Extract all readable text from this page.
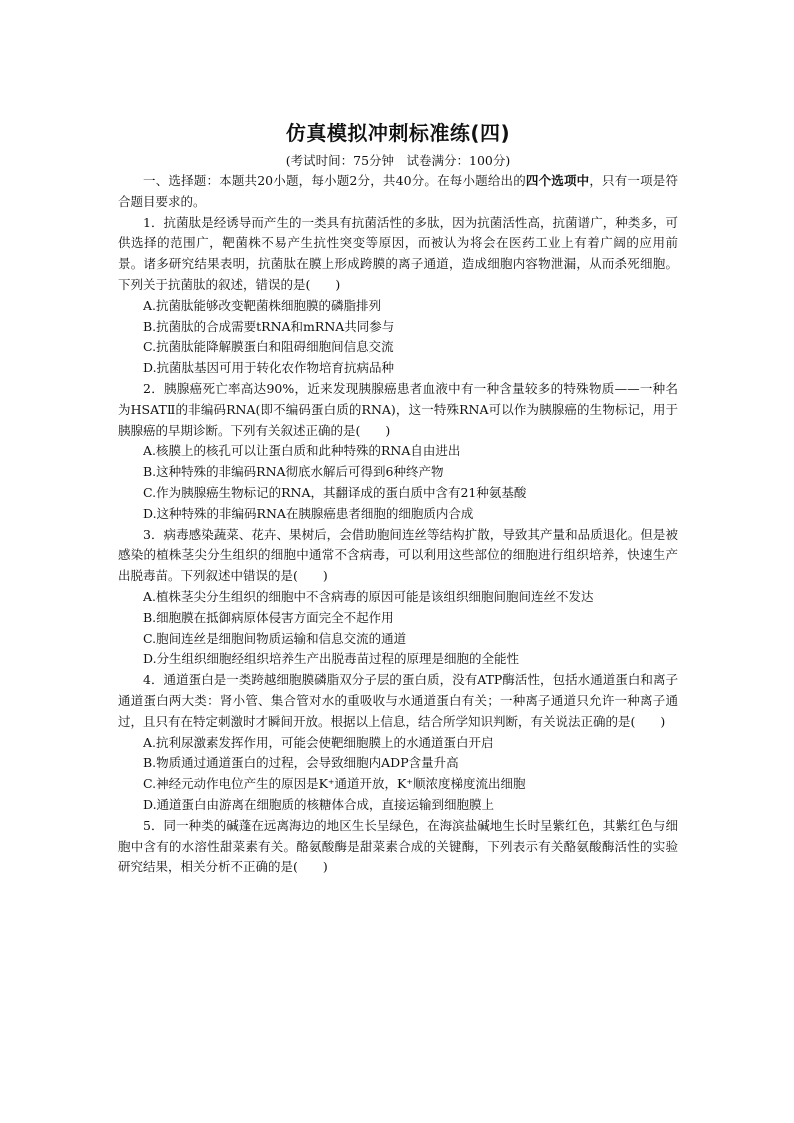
仿真模拟冲刺标准练(四)

(考试时间：75分钟　试卷满分：100分)

一、选择题：本题共20小题，每小题2分，共40分。在每小题给出的四个选项中，只有一项是符合题目要求的。

1．抗菌肽是经诱导而产生的一类具有抗菌活性的多肽，因为抗菌活性高，抗菌谱广，种类多，可供选择的范围广，靶菌株不易产生抗性突变等原因，而被认为将会在医药工业上有着广阔的应用前景。诸多研究结果表明，抗菌肽在膜上形成跨膜的离子通道，造成细胞内容物泄漏，从而杀死细胞。下列关于抗菌肽的叙述，错误的是(　　)

A.抗菌肽能够改变靶菌株细胞膜的磷脂排列

B.抗菌肽的合成需要tRNA和mRNA共同参与

C.抗菌肽能降解膜蛋白和阻碍细胞间信息交流

D.抗菌肽基因可用于转化农作物培育抗病品种

2．胰腺癌死亡率高达90%，近来发现胰腺癌患者血液中有一种含量较多的特殊物质——一种名为HSATⅡ的非编码RNA(即不编码蛋白质的RNA)，这一特殊RNA可以作为胰腺癌的生物标记，用于胰腺癌的早期诊断。下列有关叙述正确的是(　　)

A.核膜上的核孔可以让蛋白质和此种特殊的RNA自由进出

B.这种特殊的非编码RNA彻底水解后可得到6种终产物

C.作为胰腺癌生物标记的RNA，其翻译成的蛋白质中含有21种氨基酸

D.这种特殊的非编码RNA在胰腺癌患者细胞的细胞质内合成

3．病毒感染蔬菜、花卉、果树后，会借助胞间连丝等结构扩散，导致其产量和品质退化。但是被感染的植株茎尖分生组织的细胞中通常不含病毒，可以利用这些部位的细胞进行组织培养，快速生产出脱毒苗。下列叙述中错误的是(　　)

A.植株茎尖分生组织的细胞中不含病毒的原因可能是该组织细胞间胞间连丝不发达

B.细胞膜在抵御病原体侵害方面完全不起作用

C.胞间连丝是细胞间物质运输和信息交流的通道

D.分生组织细胞经组织培养生产出脱毒苗过程的原理是细胞的全能性

4．通道蛋白是一类跨越细胞膜磷脂双分子层的蛋白质，没有ATP酶活性，包括水通道蛋白和离子通道蛋白两大类：肾小管、集合管对水的重吸收与水通道蛋白有关；一种离子通道只允许一种离子通过，且只有在特定刺激时才瞬间开放。根据以上信息，结合所学知识判断，有关说法正确的是(　　)

A.抗利尿激素发挥作用，可能会使靶细胞膜上的水通道蛋白开启

B.物质通过通道蛋白的过程，会导致细胞内ADP含量升高

C.神经元动作电位产生的原因是K⁺通道开放，K⁺顺浓度梯度流出细胞

D.通道蛋白由游离在细胞质的核糖体合成，直接运输到细胞膜上

5．同一种类的碱蓬在远离海边的地区生长呈绿色，在海滨盐碱地生长时呈紫红色，其紫红色与细胞中含有的水溶性甜菜素有关。酪氨酸酶是甜菜素合成的关键酶，下列表示有关酪氨酸酶活性的实验研究结果，相关分析不正确的是(　　)
